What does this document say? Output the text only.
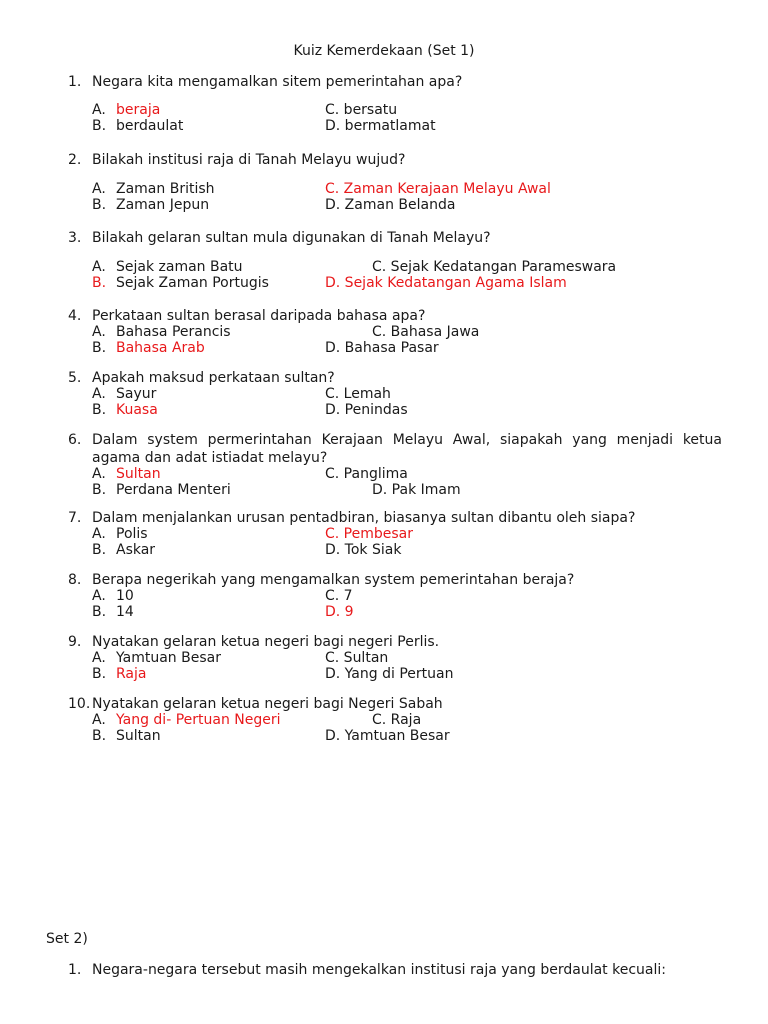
Kuiz Kemerdekaan (Set 1)
1. Negara kita mengamalkan sitem pemerintahan apa?
A. beraja	C. bersatu
B. berdaulat	D. bermatlamat
2. Bilakah institusi raja di Tanah Melayu wujud?
A. Zaman British	C. Zaman Kerajaan Melayu Awal
B. Zaman Jepun	D. Zaman Belanda
3. Bilakah gelaran sultan mula digunakan di Tanah Melayu?
A. Sejak zaman Batu	C. Sejak Kedatangan Parameswara
B. Sejak Zaman Portugis	D. Sejak Kedatangan Agama Islam
4. Perkataan sultan berasal daripada bahasa apa?
A. Bahasa Perancis	C. Bahasa Jawa
B. Bahasa Arab	D. Bahasa Pasar
5. Apakah maksud perkataan sultan?
A. Sayur	C. Lemah
B. Kuasa	D. Penindas
6. Dalam system permerintahan Kerajaan Melayu Awal, siapakah yang menjadi ketua
agama dan adat istiadat melayu?
A. Sultan	C. Panglima
B. Perdana Menteri	D. Pak Imam
7. Dalam menjalankan urusan pentadbiran, biasanya sultan dibantu oleh siapa?
A. Polis	C. Pembesar
B. Askar	D. Tok Siak
8. Berapa negerikah yang mengamalkan system pemerintahan beraja?
A. 10	C. 7
B. 14	D. 9
9. Nyatakan gelaran ketua negeri bagi negeri Perlis.
A. Yamtuan Besar	C. Sultan
B. Raja	D. Yang di Pertuan
10. Nyatakan gelaran ketua negeri bagi Negeri Sabah
A. Yang di- Pertuan Negeri	C. Raja
B. Sultan	D. Yamtuan Besar
Set 2)
1. Negara-negara tersebut masih mengekalkan institusi raja yang berdaulat kecuali:
